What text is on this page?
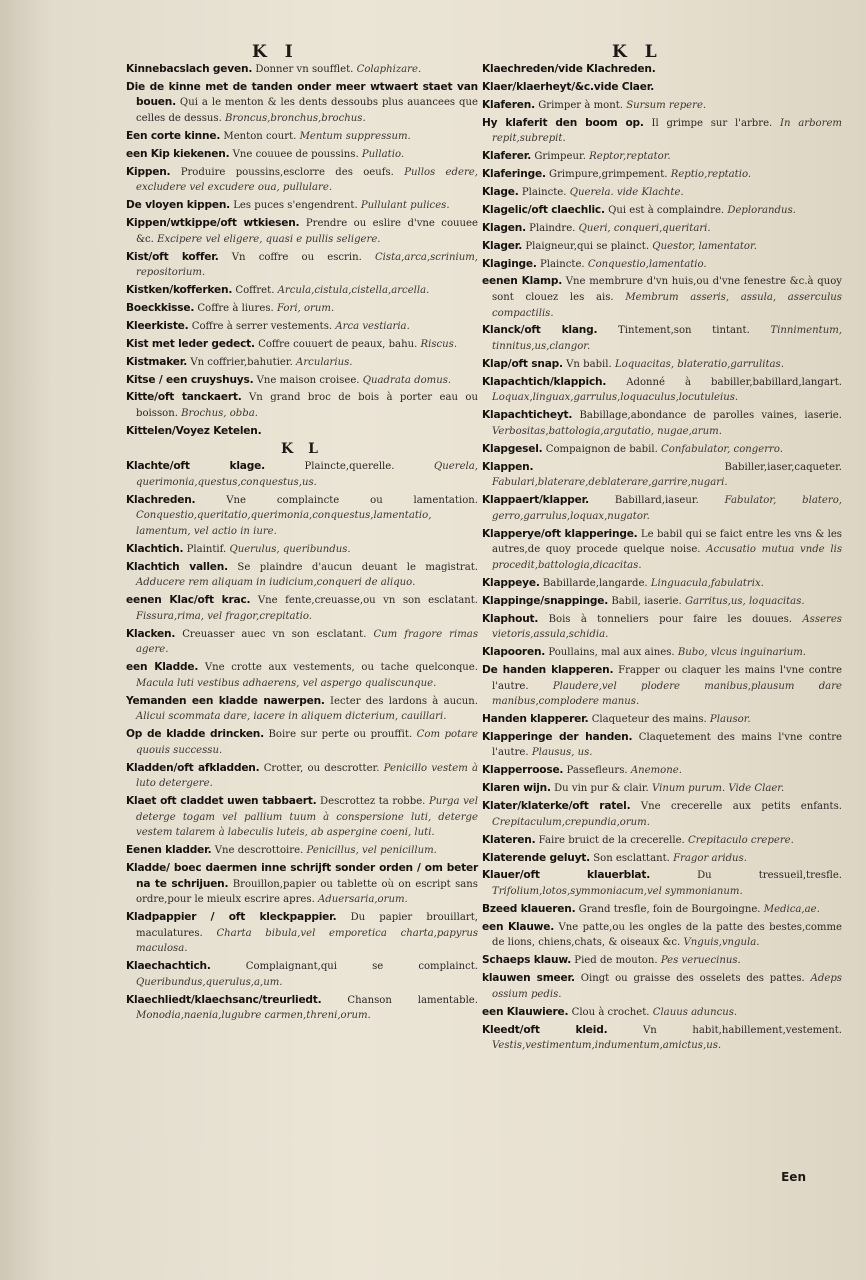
K I	K L
Kinnebacslach geven. Donner vn soufflet. Colaphizare.
Die de kinne met de tanden onder meer wtwaert staet van bouen. Qui a le menton & les dents dessoubs plus auancees que celles de dessus. Broncus,bronchus,brochus.
Een corte kinne. Menton court. Mentum suppressum.
een Kip kiekenen. Vne couuee de poussins. Pullatio.
Kippen. Produire poussins,esclorre des oeufs. Pullos edere, excludere vel excudere oua, pullulare.
De vloyen kippen. Les puces s'engendrent. Pullulant pulices.
Kippen/wtkippe/oft wtkiesen. Prendre ou eslire d'vne couuee &c. Excipere vel eligere, quasi e pullis seligere.
Kist/oft koffer. Vn coffre ou escrin. Cista,arca,scrinium, repositorium.
Kistken/kofferken. Coffret. Arcula,cistula,cistella,arcella.
Boeckkisse. Coffre à liures. Fori, orum.
Kleerkiste. Coffre à serrer vestements. Arca vestiaria.
Kist met leder gedect. Coffre couuert de peaux, bahu. Riscus.
Kistmaker. Vn coffrier,bahutier. Arcularius.
Kitse / een cruyshuys. Vne maison croisee. Quadrata domus.
Kitte/oft tanckaert. Vn grand broc de bois à porter eau ou boisson. Brochus, obba.
Kittelen/Voyez Ketelen.
K L
Klachte/oft klage.	Plaincte,querelle.	Querela, querimonia,questus,conquestus,us.
Klachreden.	Vne complaincte ou lamentation. Conquestio,queritatio,querimonia,conquestus,lamentatio, lamentum, vel actio in iure.
Klachtich. Plaintif. Querulus, queribundus.
Klachtich vallen. Se plaindre d'aucun deuant le magistrat. Adducere rem aliquam in iudicium,conqueri de aliquo.
eenen Klac/oft krac. Vne fente,creuasse,ou vn son esclatant. Fissura,rima, vel fragor,crepitatio.
Klacken. Creuasser auec vn son esclatant. Cum fragore rimas agere.
een Kladde. Vne crotte aux vestements, ou tache quelconque. Macula luti vestibus adhaerens, vel aspergo qualiscunque.
Yemanden een kladde nawerpen. Iecter des lardons à aucun. Alicui scommata dare, iacere in aliquem dicterium, cauillari.
Op de kladde drincken. Boire sur perte ou prouffit. Com potare quouis successu.
Kladden/oft afkladden. Crotter, ou descrotter. Penicillo vestem à luto detergere.
Klaet oft claddet uwen tabbaert. Descrottez ta robbe. Purga vel deterge togam vel pallium tuum à conspersione luti, deterge vestem talarem à labeculis luteis, ab aspergine coeni, luti.
Eenen kladder. Vne descrottoire. Penicillus, vel penicillum.
Kladde/ boec daermen inne schrijft sonder orden / om beter na te schrijuen. Brouillon,papier ou tablette où on escript sans ordre,pour le mieulx escrire apres. Aduersaria,orum.
Kladpappier / oft kleckpappier. Du papier brouillart, maculatures. Charta bibula,vel emporetica charta,papyrus maculosa.
Klaechachtich.	Complaignant,qui se complainct. Queribundus,querulus,a,um.
Klaechliedt/klaechsanc/treurliedt.	Chanson lamentable. Monodia,naenia,lugubre carmen,threni,orum.
Klaechreden/vide Klachreden.
Klaer/klaerheyt/&c.vide Claer.
Klaferen. Grimper à mont. Sursum repere.
Hy klaferit den boom op. Il grimpe sur l'arbre. In arborem repit,subrepit.
Klaferer. Grimpeur. Reptor,reptator.
Klaferinge. Grimpure,grimpement. Reptio,reptatio.
Klage. Plaincte. Querela. vide Klachte.
Klagelic/oft claechlic. Qui est à complaindre. Deplorandus.
Klagen. Plaindre. Queri, conqueri,queritari.
Klager. Plaigneur,qui se plainct. Questor, lamentator.
Klaginge. Plaincte. Conquestio,lamentatio.
eenen Klamp. Vne membrure d'vn huis,ou d'vne fenestre &c.à quoy sont clouez les ais. Membrum asseris, assula, asserculus compactilis.
Klanck/oft klang. Tintement,son tintant. Tinnimentum, tinnitus,us,clangor.
Klap/oft snap. Vn babil. Loquacitas, blateratio,garrulitas.
Klapachtich/klappich. Adonné à babiller,babillard,langart. Loquax,linguax,garrulus,loquaculus,locutuleius.
Klapachticheyt. Babillage,abondance de parolles vaines, iaserie. Verbositas,battologia,argutatio, nugae,arum.
Klapgesel. Compaignon de babil. Confabulator, congerro.
Klappen.	Babiller,iaser,caqueter. Fabulari,blaterare,deblaterare,garrire,nugari.
Klappaert/klapper.	Babillard,iaseur.	Fabulator, blatero, gerro,garrulus,loquax,nugator.
Klapperye/oft klapperinge. Le babil qui se faict entre les vns & les autres,de quoy procede quelque noise. Accusatio mutua vnde lis procedit,battologia,dicacitas.
Klappeye. Babillarde,langarde. Linguacula,fabulatrix.
Klappinge/snappinge. Babil, iaserie. Garritus,us, loquacitas.
Klaphout. Bois à tonneliers pour faire les douues. Asseres vietoris,assula,schidia.
Klapooren. Poullains, mal aux aines. Bubo, vlcus inguinarium.
De handen klapperen. Frapper ou claquer les mains l'vne contre l'autre. Plaudere,vel plodere manibus,plausum dare manibus,complodere manus.
Handen klapperer. Claqueteur des mains. Plausor.
Klapperinge der handen. Claquetement des mains l'vne contre l'autre. Plausus, us.
Klapperroose. Passefleurs. Anemone.
Klaren wijn. Du vin pur & clair. Vinum purum. Vide Claer.
Klater/klaterke/oft ratel. Vne crecerelle aux petits enfants. Crepitaculum,crepundia,orum.
Klateren. Faire bruict de la crecerelle. Crepitaculo crepere.
Klaterende geluyt. Son esclattant. Fragor aridus.
Klauer/oft klauerblat.	Du tressueil,tresfle. Trifolium,lotos,symmoniacum,vel symmonianum.
Bzeed klaueren. Grand tresfle, foin de Bourgoingne. Medica,ae.
een Klauwe. Vne patte,ou les ongles de la patte des bestes,comme de lions, chiens,chats, & oiseaux &c. Vnguis,vngula.
Schaeps klauw. Pied de mouton. Pes veruecinus.
klauwen smeer. Oingt ou graisse des osselets des pattes. Adeps ossium pedis.
een Klauwiere. Clou à crochet. Clauus aduncus.
Kleedt/oft kleid.	Vn habit,habillement,vestement. Vestis,vestimentum,indumentum,amictus,us.
Een
